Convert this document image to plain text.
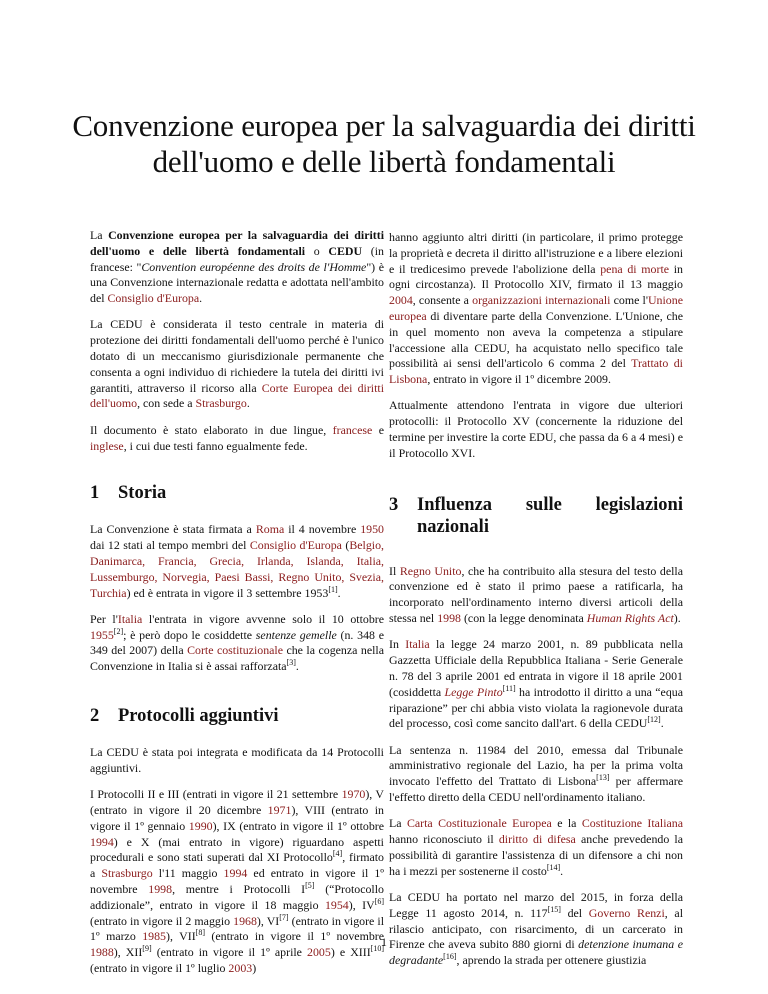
Convenzione europea per la salvaguardia dei diritti dell'uomo e delle libertà fondamentali

La Convenzione europea per la salvaguardia dei diritti dell'uomo e delle libertà fondamentali o CEDU (in francese: "Convention européenne des droits de l'Homme") è una Convenzione internazionale redatta e adottata nell'ambito del Consiglio d'Europa.

La CEDU è considerata il testo centrale in materia di protezione dei diritti fondamentali dell'uomo perché è l'unico dotato di un meccanismo giurisdizionale permanente che consenta a ogni individuo di richiedere la tutela dei diritti ivi garantiti, attraverso il ricorso alla Corte Europea dei diritti dell'uomo, con sede a Strasburgo.

Il documento è stato elaborato in due lingue, francese e inglese, i cui due testi fanno egualmente fede.

1	Storia

La Convenzione è stata firmata a Roma il 4 novembre 1950 dai 12 stati al tempo membri del Consiglio d'Europa (Belgio, Danimarca, Francia, Grecia, Irlanda, Islanda, Italia, Lussemburgo, Norvegia, Paesi Bassi, Regno Unito, Svezia, Turchia) ed è entrata in vigore il 3 settembre 1953[1].

Per l'Italia l'entrata in vigore avvenne solo il 10 ottobre 1955[2]; è però dopo le cosiddette sentenze gemelle (n. 348 e 349 del 2007) della Corte costituzionale che la cogenza nella Convenzione in Italia si è assai rafforzata[3].

2	Protocolli aggiuntivi

La CEDU è stata poi integrata e modificata da 14 Protocolli aggiuntivi.

I Protocolli II e III (entrati in vigore il 21 settembre 1970), V (entrato in vigore il 20 dicembre 1971), VIII (entrato in vigore il 1º gennaio 1990), IX (entrato in vigore il 1º ottobre 1994) e X (mai entrato in vigore) riguardano aspetti procedurali e sono stati superati dal XI Protocollo[4], firmato a Strasburgo l'11 maggio 1994 ed entrato in vigore il 1º novembre 1998, mentre i Protocolli I[5] (“Protocollo addizionale”, entrato in vigore il 18 maggio 1954), IV[6] (entrato in vigore il 2 maggio 1968), VI[7] (entrato in vigore il 1º marzo 1985), VII[8] (entrato in vigore il 1º novembre 1988), XII[9] (entrato in vigore il 1º aprile 2005) e XIII[10] (entrato in vigore il 1º luglio 2003)

hanno aggiunto altri diritti (in particolare, il primo protegge la proprietà e decreta il diritto all'istruzione e a libere elezioni e il tredicesimo prevede l'abolizione della pena di morte in ogni circostanza). Il Protocollo XIV, firmato il 13 maggio 2004, consente a organizzazioni internazionali come l'Unione europea di diventare parte della Convenzione. L'Unione, che in quel momento non aveva la competenza a stipulare l'accessione alla CEDU, ha acquistato nello specifico tale possibilità ai sensi dell'articolo 6 comma 2 del Trattato di Lisbona, entrato in vigore il 1º dicembre 2009.

Attualmente attendono l'entrata in vigore due ulteriori protocolli: il Protocollo XV (concernente la riduzione del termine per investire la corte EDU, che passa da 6 a 4 mesi) e il Protocollo XVI.

3	Influenza sulle legislazioni nazionali

Il Regno Unito, che ha contribuito alla stesura del testo della convenzione ed è stato il primo paese a ratificarla, ha incorporato nell'ordinamento interno diversi articoli della stessa nel 1998 (con la legge denominata Human Rights Act).

In Italia la legge 24 marzo 2001, n. 89 pubblicata nella Gazzetta Ufficiale della Repubblica Italiana - Serie Generale n. 78 del 3 aprile 2001 ed entrata in vigore il 18 aprile 2001 (cosiddetta Legge Pinto[11] ha introdotto il diritto a una “equa riparazione” per chi abbia visto violata la ragionevole durata del processo, così come sancito dall'art. 6 della CEDU[12].

La sentenza n. 11984 del 2010, emessa dal Tribunale amministrativo regionale del Lazio, ha per la prima volta invocato l'effetto del Trattato di Lisbona[13] per affermare l'effetto diretto della CEDU nell'ordinamento italiano.

La Carta Costituzionale Europea e la Costituzione Italiana hanno riconosciuto il diritto di difesa anche prevedendo la possibilità di garantire l'assistenza di un difensore a chi non ha i mezzi per sostenerne il costo[14].

La CEDU ha portato nel marzo del 2015, in forza della Legge 11 agosto 2014, n. 117[15] del Governo Renzi, al rilascio anticipato, con risarcimento, di un carcerato in Firenze che aveva subito 880 giorni di detenzione inumana e degradante[16], aprendo la strada per ottenere giustizia

1
